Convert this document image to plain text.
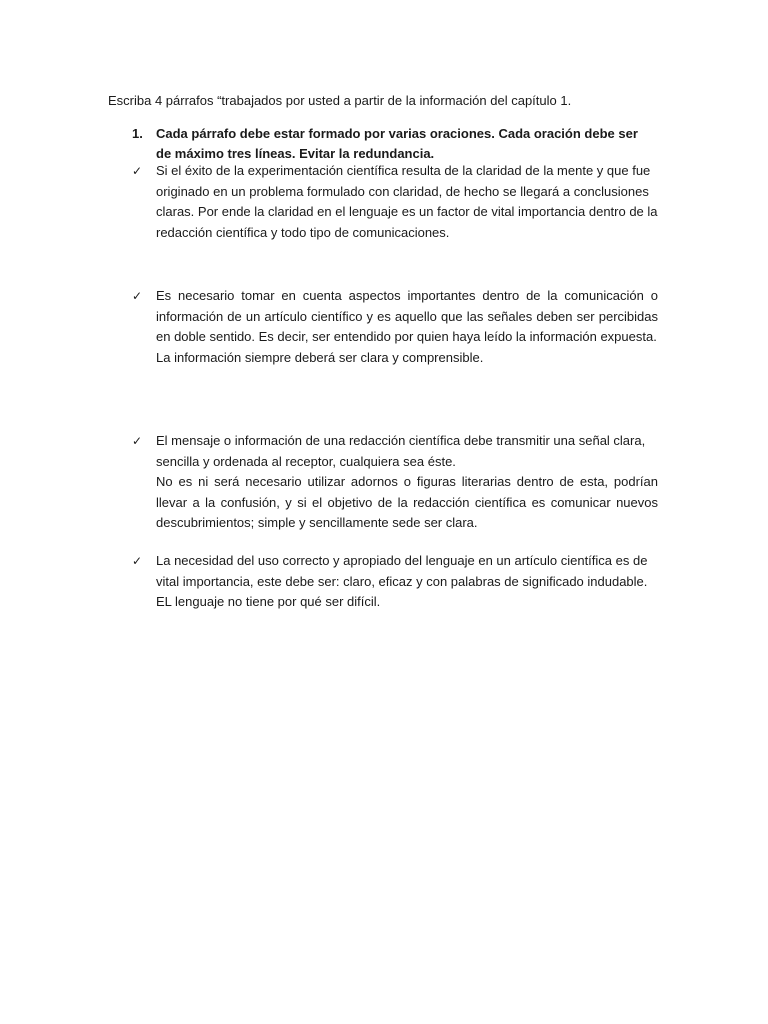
Escriba 4 párrafos “trabajados por usted a partir de la información del capítulo 1.
1. Cada párrafo debe estar formado por varias oraciones. Cada oración debe ser de máximo tres líneas. Evitar la redundancia.
✓ Si el éxito de la experimentación científica resulta de la claridad de la mente y que fue originado en un problema formulado con claridad, de hecho se llegará a conclusiones claras. Por ende la claridad en el lenguaje es un factor de vital importancia dentro de la redacción científica y todo tipo de comunicaciones.

✓ Es necesario tomar en cuenta aspectos importantes dentro de la comunicación o información de un artículo científico y es aquello que las señales deben ser percibidas en doble sentido. Es decir, ser entendido por quien haya leído la información expuesta.

La información siempre deberá ser clara y comprensible.

✓ El mensaje o información de una redacción científica debe transmitir una señal clara, sencilla y ordenada al receptor, cualquiera sea éste.

No es ni será necesario utilizar adornos o figuras literarias dentro de esta, podrían llevar a la confusión, y si el objetivo de la redacción científica es comunicar nuevos descubrimientos; simple y sencillamente sede ser clara.

✓ La necesidad del uso correcto y apropiado del lenguaje en un artículo científica es de vital importancia, este debe ser: claro, eficaz y con palabras de significado indudable.

EL lenguaje no tiene por qué ser difícil.
